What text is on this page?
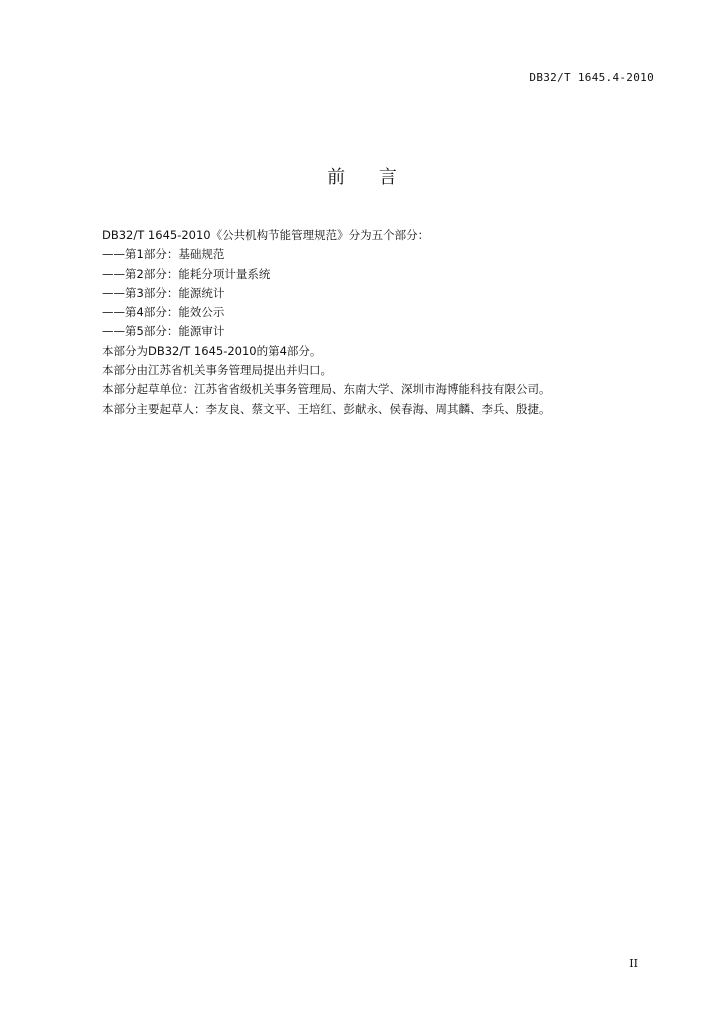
DB32/T 1645.4-2010
前 言
DB32/T 1645-2010《公共机构节能管理规范》分为五个部分：
——第1部分：基础规范
——第2部分：能耗分项计量系统
——第3部分：能源统计
——第4部分：能效公示
——第5部分：能源审计
本部分为DB32/T 1645-2010的第4部分。
本部分由江苏省机关事务管理局提出并归口。
本部分起草单位：江苏省省级机关事务管理局、东南大学、深圳市海博能科技有限公司。
本部分主要起草人：李友良、蔡文平、王培红、彭献永、侯春海、周其麟、李兵、殷捷。
II
